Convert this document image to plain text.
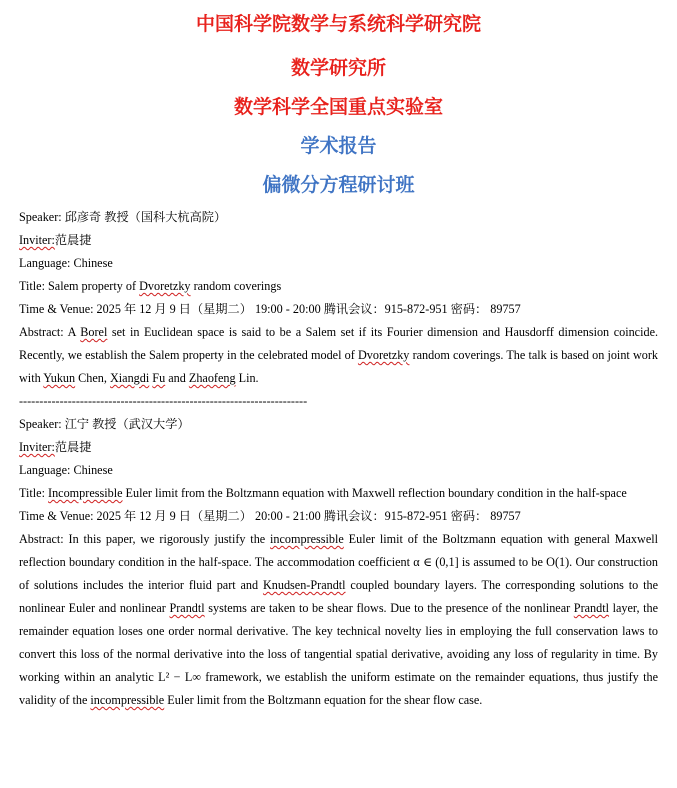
中国科学院数学与系统科学研究院
数学研究所
数学科学全国重点实验室
学术报告
偏微分方程研讨班
Speaker: 邱彦奇 教授（国科大杭高院）
Inviter:范晨捷
Language: Chinese
Title: Salem property of Dvoretzky random coverings
Time & Venue: 2025 年 12 月 9 日（星期二） 19:00 - 20:00 腾讯会议：915-872-951 密码： 89757
Abstract: A Borel set in Euclidean space is said to be a Salem set if its Fourier dimension and Hausdorff dimension coincide. Recently, we establish the Salem property in the celebrated model of Dvoretzky random coverings. The talk is based on joint work with Yukun Chen, Xiangdi Fu and Zhaofeng Lin.
-----------------------------------------------------------------------
Speaker: 江宁 教授（武汉大学）
Inviter:范晨捷
Language: Chinese
Title: Incompressible Euler limit from the Boltzmann equation with Maxwell reflection boundary condition in the half-space
Time & Venue: 2025 年 12 月 9 日（星期二） 20:00 - 21:00 腾讯会议：915-872-951 密码： 89757
Abstract: In this paper, we rigorously justify the incompressible Euler limit of the Boltzmann equation with general Maxwell reflection boundary condition in the half-space. The accommodation coefficient α ∈ (0,1] is assumed to be O(1). Our construction of solutions includes the interior fluid part and Knudsen-Prandtl coupled boundary layers. The corresponding solutions to the nonlinear Euler and nonlinear Prandtl systems are taken to be shear flows. Due to the presence of the nonlinear Prandtl layer, the remainder equation loses one order normal derivative. The key technical novelty lies in employing the full conservation laws to convert this loss of the normal derivative into the loss of tangential spatial derivative, avoiding any loss of regularity in time. By working within an analytic L² − L∞ framework, we establish the uniform estimate on the remainder equations, thus justify the validity of the incompressible Euler limit from the Boltzmann equation for the shear flow case.
